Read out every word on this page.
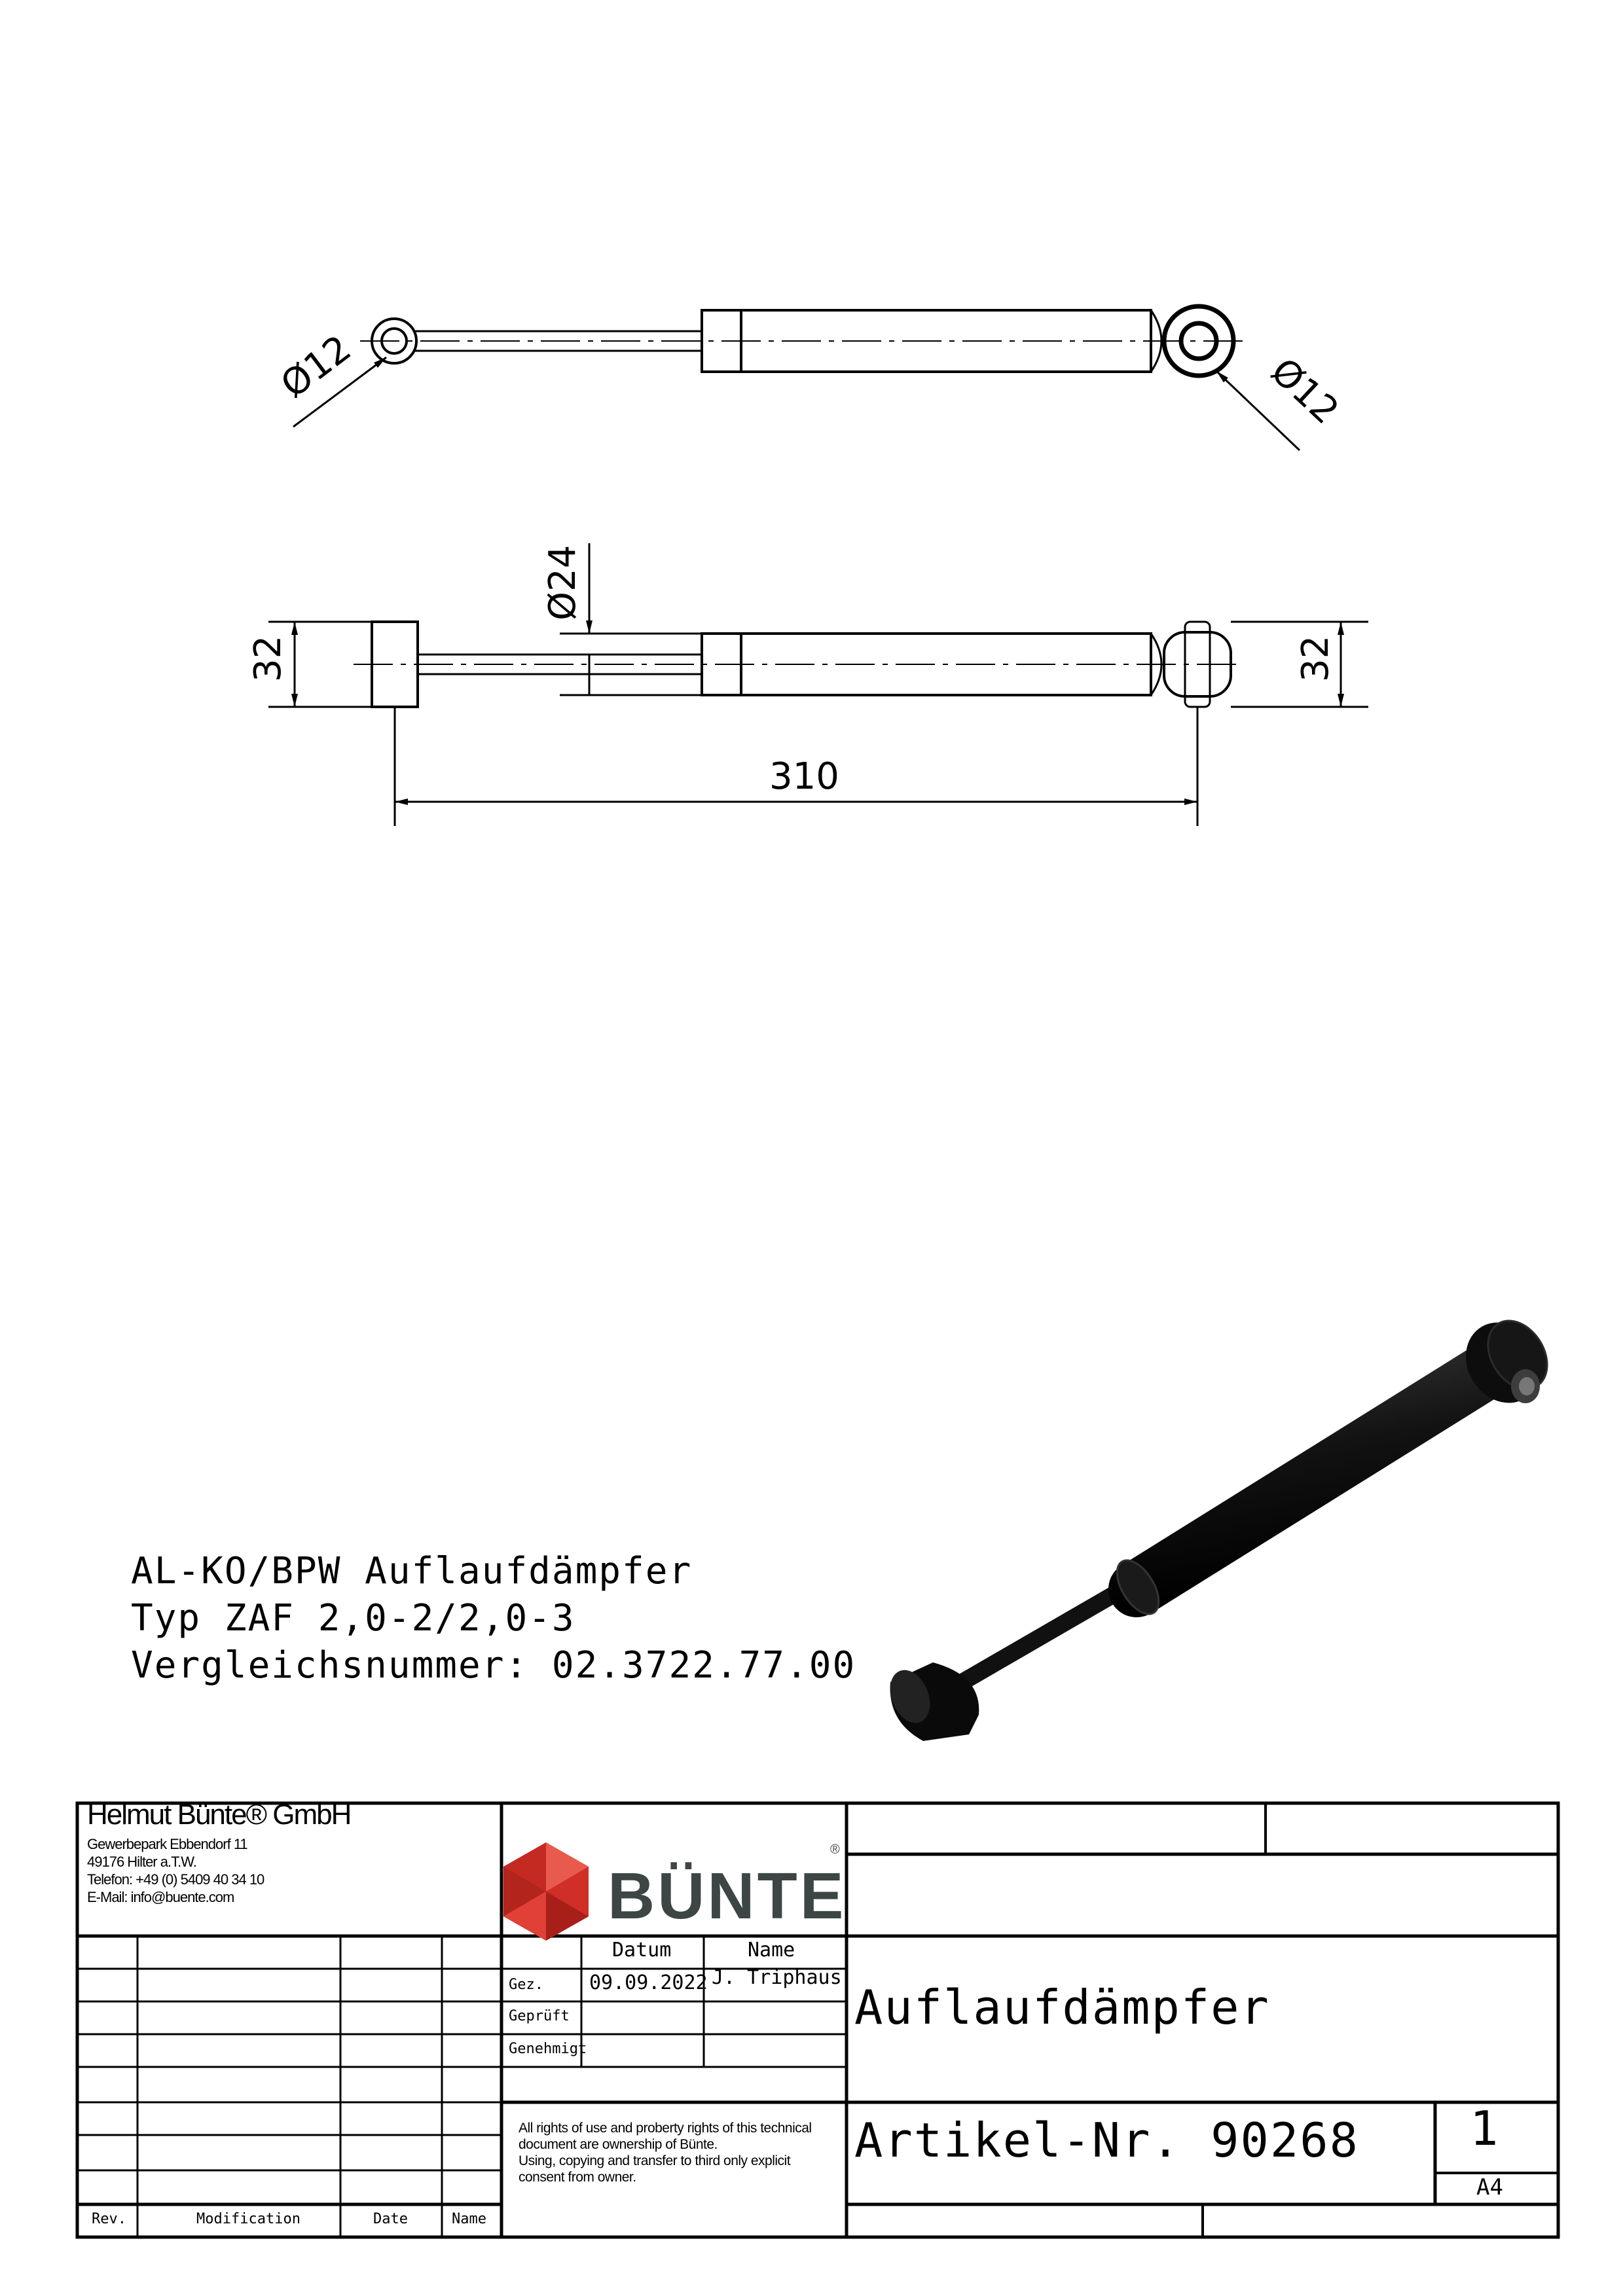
Ø12	Ø12
32	32
Ø24
310
AL-KO/BPW Auflaufdämpfer
Typ ZAF 2,0-2/2,0-3
Vergleichsnummer: 02.3722.77.00
Helmut Bünte® GmbH
Gewerbepark Ebbendorf 11
49176 Hilter a.T.W.
Telefon: +49 (0) 5409 40 34 10
E-Mail: info@buente.com	BÜNTE
®
Datum	Name
Gez. 09.09.2022 J. Triphaus
Geprüft
Genehmigt
All rights of use and proberty rights of this technical
document are ownership of Bünte.
Using, copying and transfer to third only explicit
consent from owner.
Rev.	Modification	Date	Name
Auflaufdämpfer
Artikel-Nr. 90268 1
A4
